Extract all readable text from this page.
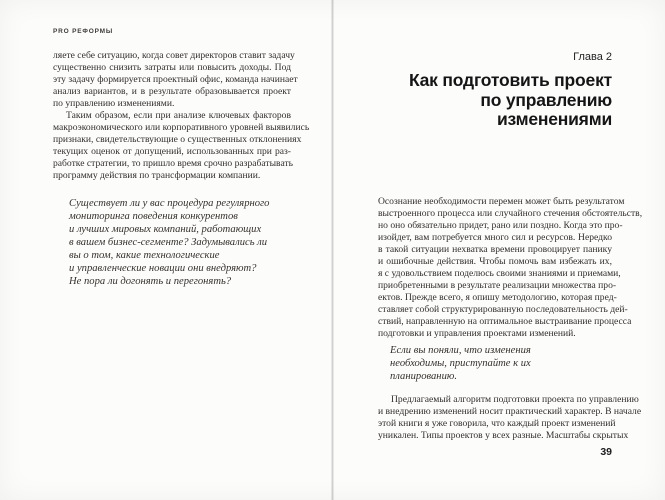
PRO РЕФОРМЫ
ляете себе ситуацию, когда совет директоров ставит задачу
существенно снизить затраты или повысить доходы. Под
эту задачу формируется проектный офис, команда начинает
анализ вариантов, и в результате образовывается проект
по управлению изменениями.
Таким образом, если при анализе ключевых факторов
макроэкономического или корпоративного уровней выявились
признаки, свидетельствующие о существенных отклонениях
текущих оценок от допущений, использованных при раз-
работке стратегии, то пришло время срочно разрабатывать
программу действия по трансформации компании.
Существует ли у вас процедура регулярного
мониторинга поведения конкурентов
и лучших мировых компаний, работающих
в вашем бизнес-сегменте? Задумывались ли
вы о том, какие технологические
и управленческие новации они внедряют?
Не пора ли догонять и перегонять?
Глава 2
Как подготовить проект
по управлению
изменениями
Осознание необходимости перемен может быть результатом
выстроенного процесса или случайного стечения обстоятельств,
но оно обязательно придет, рано или поздно. Когда это про-
изойдет, вам потребуется много сил и ресурсов. Нередко
в такой ситуации нехватка времени провоцирует панику
и ошибочные действия. Чтобы помочь вам избежать их,
я с удовольствием поделюсь своими знаниями и приемами,
приобретенными в результате реализации множества про-
ектов. Прежде всего, я опишу методологию, которая пред-
ставляет собой структурированную последовательность дей-
ствий, направленную на оптимальное выстраивание процесса
подготовки и управления проектами изменений.
Если вы поняли, что изменения
необходимы, приступайте к их
планированию.
Предлагаемый алгоритм подготовки проекта по управлению
и внедрению изменений носит практический характер. В начале
этой книги я уже говорила, что каждый проект изменений
уникален. Типы проектов у всех разные. Масштабы скрытых
39
